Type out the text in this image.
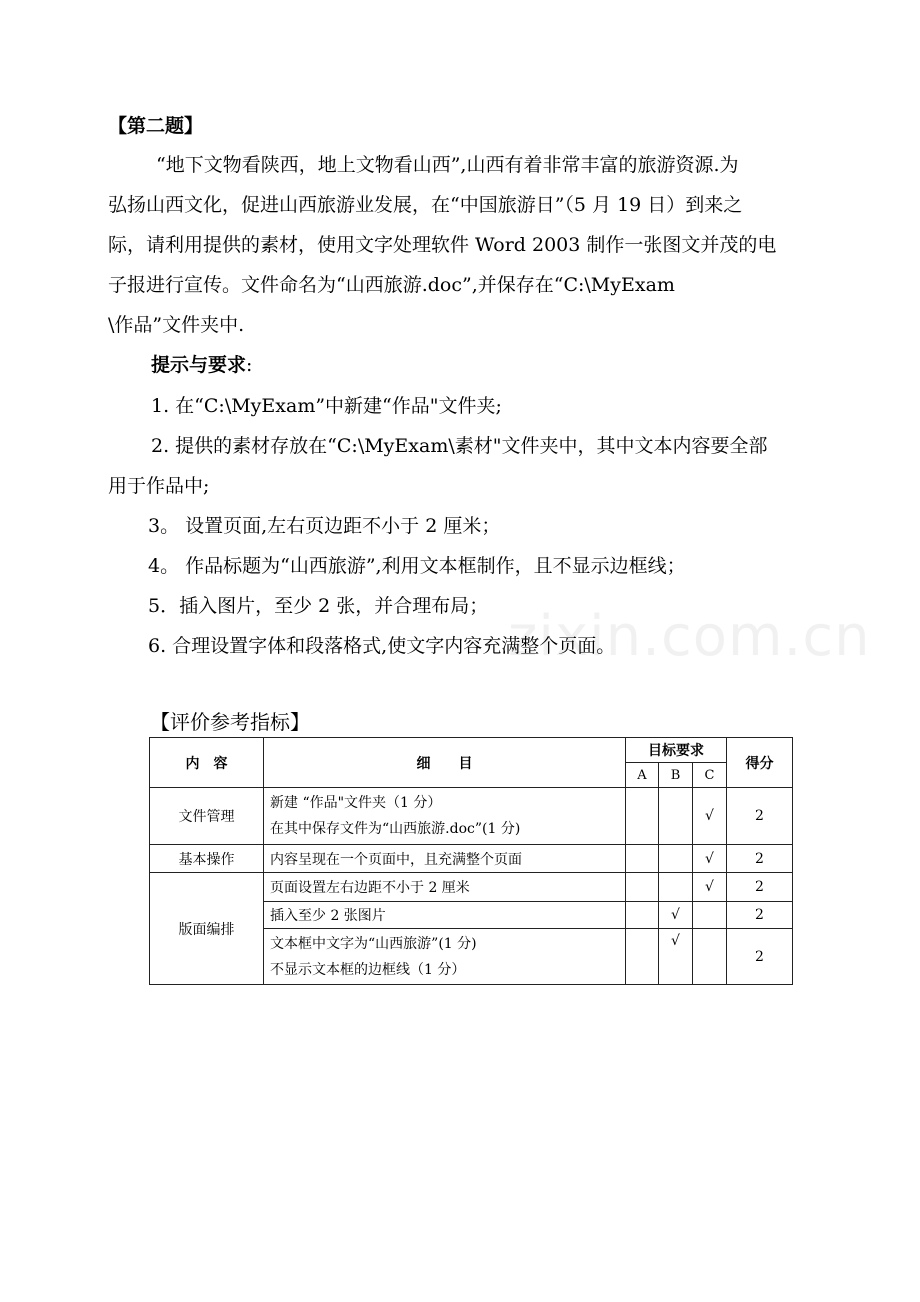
【第二题】
“地下文物看陕西，地上文物看山西”,山西有着非常丰富的旅游资源.为
弘扬山西文化，促进山西旅游业发展，在“中国旅游日”（5 月 19 日）到来之
际，请利用提供的素材，使用文字处理软件 Word 2003 制作一张图文并茂的电
子报进行宣传。文件命名为“山西旅游.doc”,并保存在“C:\MyExam
\作品”文件夹中.
提示与要求:
1. 在“C:\MyExam”中新建“作品"文件夹;
2. 提供的素材存放在“C:\MyExam\素材"文件夹中，其中文本内容要全部
用于作品中;
3。 设置页面,左右页边距不小于 2 厘米；
4。 作品标题为“山西旅游”,利用文本框制作，且不显示边框线；
5．插入图片，至少 2 张，并合理布局；
6. 合理设置字体和段落格式,使文字内容充满整个页面。
zixin.com.cn
【评价参考指标】
内　容	细　　目	目标要求			得分
		A	B	C	
文件管理	新建 “作品"文件夹（1 分）
在其中保存文件为“山西旅游.doc”(1 分)			√	2
基本操作	内容呈现在一个页面中，且充满整个页面			√	2
版面编排	页面设置左右边距不小于 2 厘米			√	2

	插入至少 2 张图片		√		2

	文本框中文字为“山西旅游”(1 分)
不显示文本框的边框线（1 分）		√		2
